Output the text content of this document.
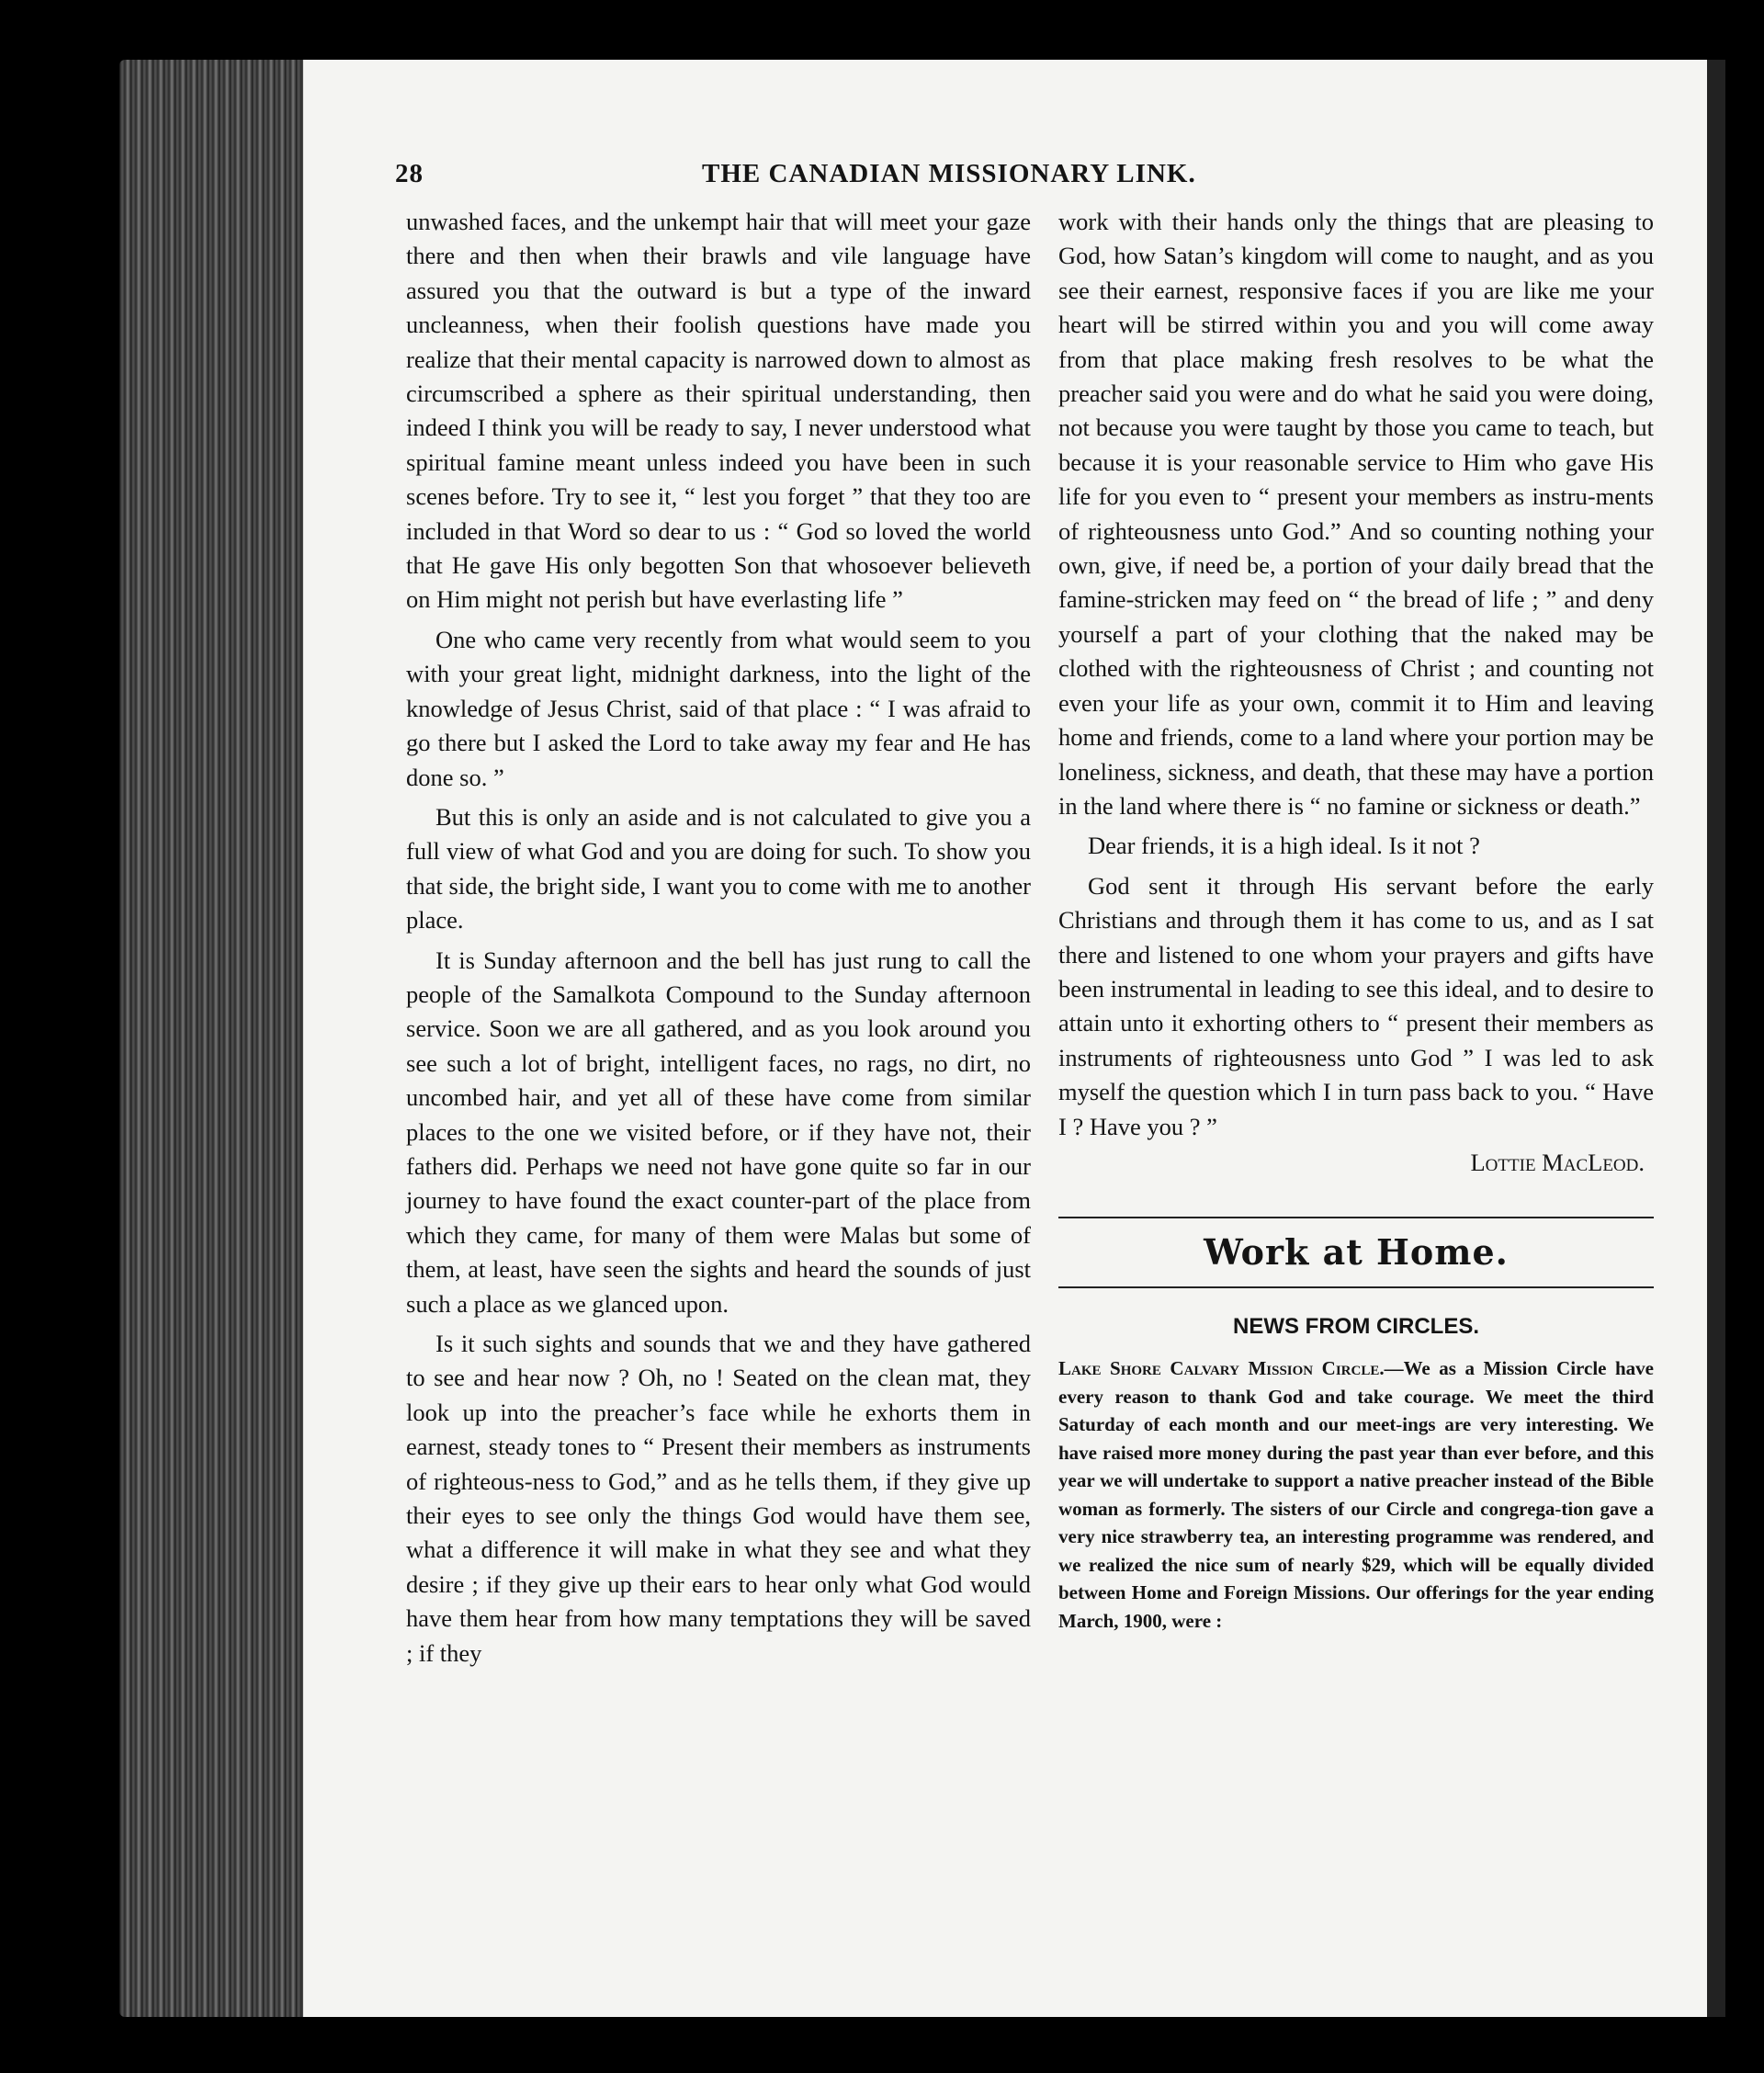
28	THE CANADIAN MISSIONARY LINK.

unwashed faces, and the unkempt hair that will meet your gaze there and then when their brawls and vile language have assured you that the outward is but a type of the inward uncleanness, when their foolish questions have made you realize that their mental capacity is narrowed down to almost as circumscribed a sphere as their spiritual understanding, then indeed I think you will be ready to say, I never understood what spiritual famine meant unless indeed you have been in such scenes before. Try to see it, “ lest you forget ” that they too are included in that Word so dear to us : “ God so loved the world that He gave His only begotten Son that whosoever believeth on Him might not perish but have everlasting life ”

One who came very recently from what would seem to you with your great light, midnight darkness, into the light of the knowledge of Jesus Christ, said of that place : “ I was afraid to go there but I asked the Lord to take away my fear and He has done so. ”

But this is only an aside and is not calculated to give you a full view of what God and you are doing for such. To show you that side, the bright side, I want you to come with me to another place.

It is Sunday afternoon and the bell has just rung to call the people of the Samalkota Compound to the Sunday afternoon service. Soon we are all gathered, and as you look around you see such a lot of bright, intelligent faces, no rags, no dirt, no uncombed hair, and yet all of these have come from similar places to the one we visited before, or if they have not, their fathers did. Perhaps we need not have gone quite so far in our journey to have found the exact counter-part of the place from which they came, for many of them were Malas but some of them, at least, have seen the sights and heard the sounds of just such a place as we glanced upon.

Is it such sights and sounds that we and they have gathered to see and hear now ? Oh, no ! Seated on the clean mat, they look up into the preacher’s face while he exhorts them in earnest, steady tones to “ Present their members as instruments of righteous-ness to God,” and as he tells them, if they give up their eyes to see only the things God would have them see, what a difference it will make in what they see and what they desire ; if they give up their ears to hear only what God would have them hear from how many temptations they will be saved ; if they

work with their hands only the things that are pleasing to God, how Satan’s kingdom will come to naught, and as you see their earnest, responsive faces if you are like me your heart will be stirred within you and you will come away from that place making fresh resolves to be what the preacher said you were and do what he said you were doing, not because you were taught by those you came to teach, but because it is your reasonable service to Him who gave His life for you even to “ present your members as instru-ments of righteousness unto God.” And so counting nothing your own, give, if need be, a portion of your daily bread that the famine-stricken may feed on “ the bread of life ; ” and deny yourself a part of your clothing that the naked may be clothed with the righteousness of Christ ; and counting not even your life as your own, commit it to Him and leaving home and friends, come to a land where your portion may be loneliness, sickness, and death, that these may have a portion in the land where there is “ no famine or sickness or death.”

Dear friends, it is a high ideal. Is it not ?

God sent it through His servant before the early Christians and through them it has come to us, and as I sat there and listened to one whom your prayers and gifts have been instrumental in leading to see this ideal, and to desire to attain unto it exhorting others to “ present their members as instruments of righteousness unto God ” I was led to ask myself the question which I in turn pass back to you. “ Have I ? Have you ? ”

Lottie MacLeod.
Work at Home.
NEWS FROM CIRCLES.
Lake Shore Calvary Mission Circle.—We as a Mission Circle have every reason to thank God and take courage. We meet the third Saturday of each month and our meet-ings are very interesting. We have raised more money during the past year than ever before, and this year we will undertake to support a native preacher instead of the Bible woman as formerly. The sisters of our Circle and congrega-tion gave a very nice strawberry tea, an interesting programme was rendered, and we realized the nice sum of nearly $29, which will be equally divided between Home and Foreign Missions. Our offerings for the year ending March, 1900, were :
